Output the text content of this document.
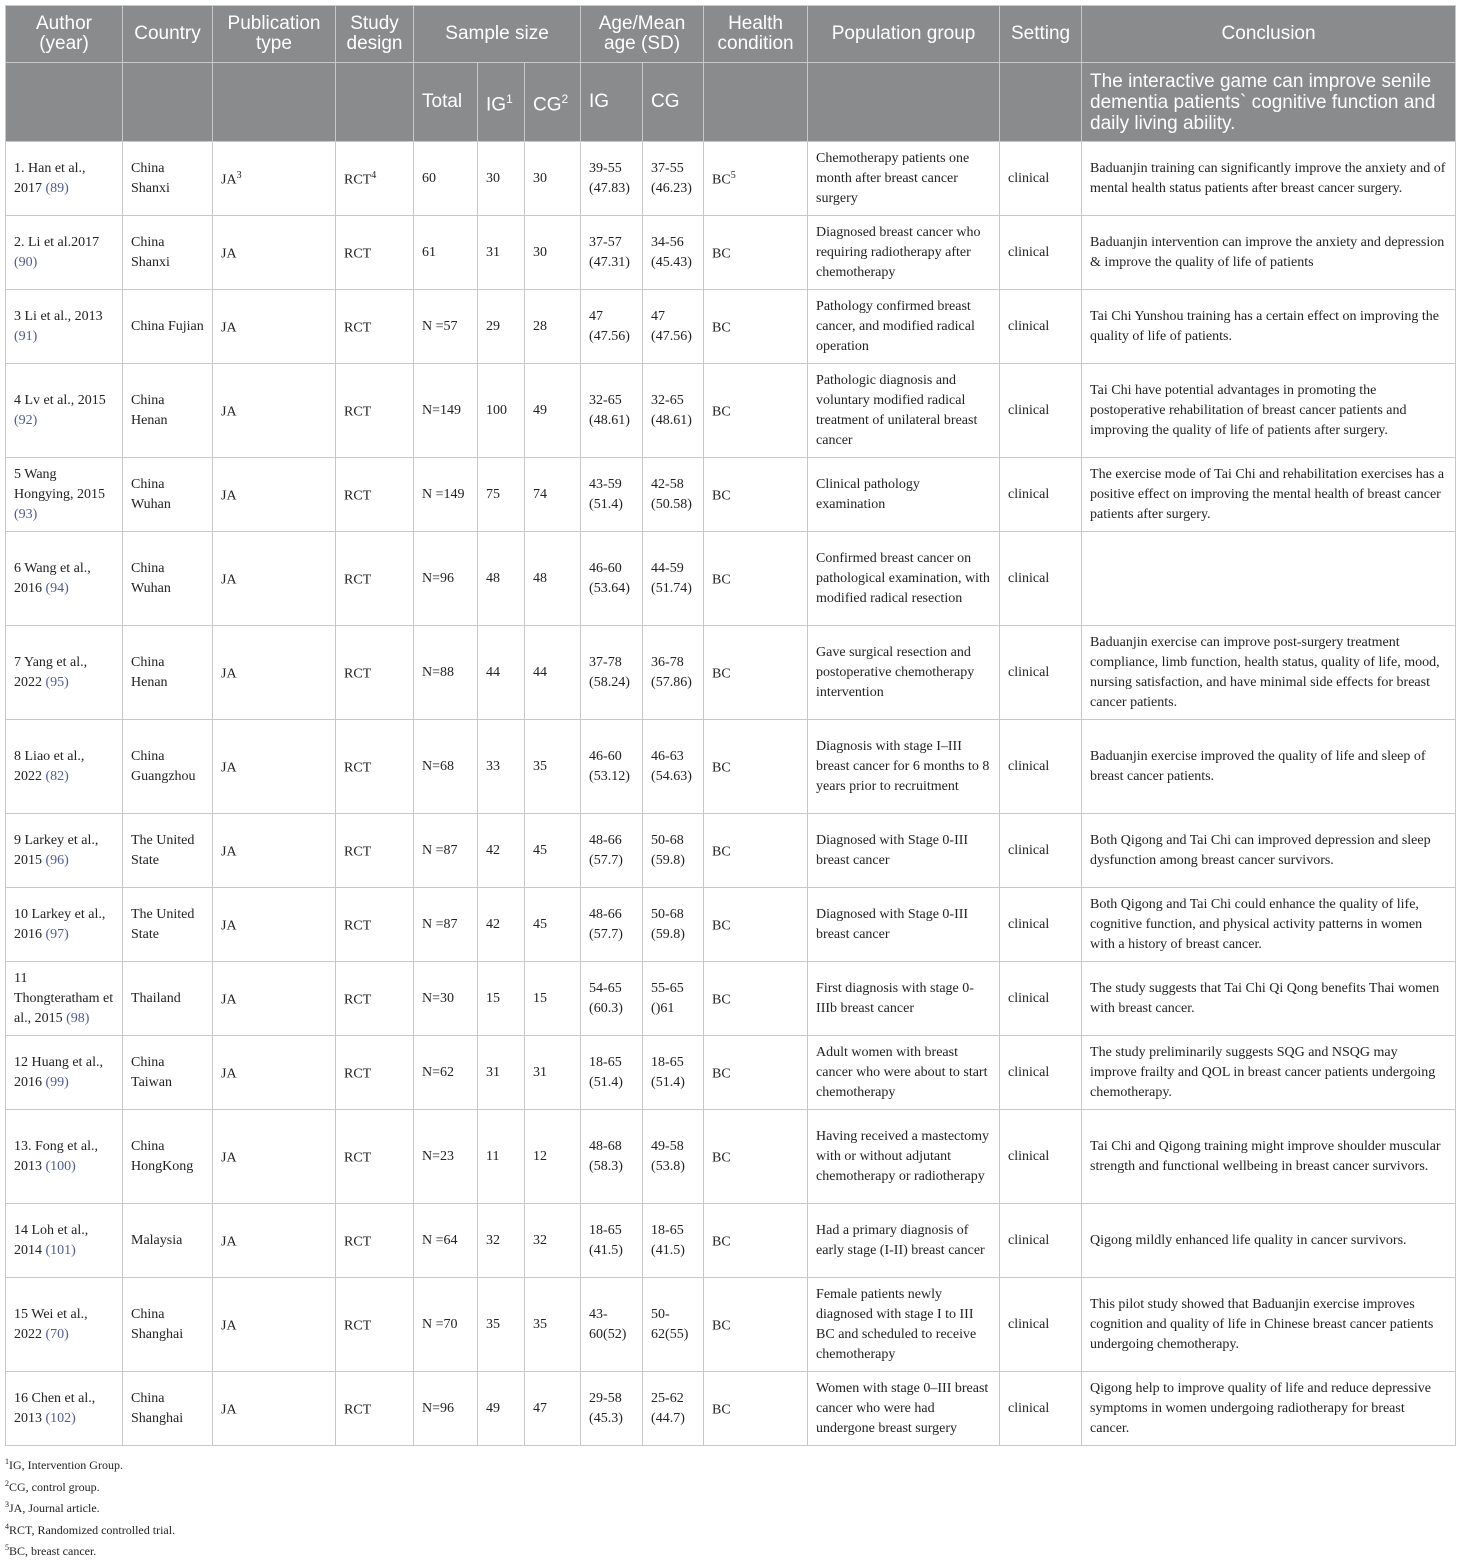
Author (year)	Country	Publication type	Study design	Sample size			Age/Mean age (SD)		Health condition	Population group	Setting	Conclusion
				Total	$IG^1$	$CG^2$	IG	CG				The interactive game can improve senile dementia patients` cognitive function and daily living ability.
1. Han et al., 2017 (89)	China Shanxi	$JA^3$	RCT$^4$	60	30	30	39-55 (47.83)	37-55 (46.23)	$BC^5$	Chemotherapy patients one month after breast cancer surgery	clinical	Baduanjin training can significantly improve the anxiety and of mental health status patients after breast cancer surgery.
2. Li et al.2017 (90)	China Shanxi	JA	RCT	61	31	30	37-57 (47.31)	34-56 (45.43)	BC	Diagnosed breast cancer who requiring radiotherapy after chemotherapy	clinical	Baduanjin intervention can improve the anxiety and depression & improve the quality of life of patients
3 Li et al., 2013 (91)	China Fujian	JA	RCT	N =57	29	28	47 (47.56)	47 (47.56)	BC	Pathology confirmed breast cancer, and modified radical operation	clinical	Tai Chi Yunshou training has a certain effect on improving the quality of life of patients.
4 Lv et al., 2015 (92)	China Henan	JA	RCT	N=149	100	49	32-65 (48.61)	32-65 (48.61)	BC	Pathologic diagnosis and voluntary modified radical treatment of unilateral breast cancer	clinical	Tai Chi have potential advantages in promoting the postoperative rehabilitation of breast cancer patients and improving the quality of life of patients after surgery.
5 Wang Hongying, 2015 (93)	China Wuhan	JA	RCT	N =149	75	74	43-59 (51.4)	42-58 (50.58)	BC	Clinical pathology examination	clinical	The exercise mode of Tai Chi and rehabilitation exercises has a positive effect on improving the mental health of breast cancer patients after surgery.
6 Wang et al., 2016 (94)	China Wuhan	JA	RCT	N=96	48	48	46-60 (53.64)	44-59 (51.74)	BC	Confirmed breast cancer on pathological examination, with modified radical resection	clinical	
7 Yang et al., 2022 (95)	China Henan	JA	RCT	N=88	44	44	37-78 (58.24)	36-78 (57.86)	BC	Gave surgical resection and postoperative chemotherapy intervention	clinical	Baduanjin exercise can improve post-surgery treatment compliance, limb function, health status, quality of life, mood, nursing satisfaction, and have minimal side effects for breast cancer patients.
8 Liao et al., 2022 (82)	China Guangzhou	JA	RCT	N=68	33	35	46-60 (53.12)	46-63 (54.63)	BC	Diagnosis with stage I–III breast cancer for 6 months to 8 years prior to recruitment	clinical	Baduanjin exercise improved the quality of life and sleep of breast cancer patients.
9 Larkey et al., 2015 (96)	The United State	JA	RCT	N =87	42	45	48-66 (57.7)	50-68 (59.8)	BC	Diagnosed with Stage 0-III breast cancer	clinical	Both Qigong and Tai Chi can improved depression and sleep dysfunction among breast cancer survivors.
10 Larkey et al., 2016 (97)	The United State	JA	RCT	N =87	42	45	48-66 (57.7)	50-68 (59.8)	BC	Diagnosed with Stage 0-III breast cancer	clinical	Both Qigong and Tai Chi could enhance the quality of life, cognitive function, and physical activity patterns in women with a history of breast cancer.
11 Thongteratham et al., 2015 (98)	Thailand	JA	RCT	N=30	15	15	54-65 (60.3)	55-65 ()61	BC	First diagnosis with stage 0-IIIb breast cancer	clinical	The study suggests that Tai Chi Qi Qong benefits Thai women with breast cancer.
12 Huang et al., 2016 (99)	China Taiwan	JA	RCT	N=62	31	31	18-65 (51.4)	18-65 (51.4)	BC	Adult women with breast cancer who were about to start chemotherapy	clinical	The study preliminarily suggests SQG and NSQG may improve frailty and QOL in breast cancer patients undergoing chemotherapy.
13. Fong et al., 2013 (100)	China HongKong	JA	RCT	N=23	11	12	48-68 (58.3)	49-58 (53.8)	BC	Having received a mastectomy with or without adjutant chemotherapy or radiotherapy	clinical	Tai Chi and Qigong training might improve shoulder muscular strength and functional wellbeing in breast cancer survivors.
14 Loh et al., 2014 (101)	Malaysia	JA	RCT	N =64	32	32	18-65 (41.5)	18-65 (41.5)	BC	Had a primary diagnosis of early stage (I-II) breast cancer	clinical	Qigong mildly enhanced life quality in cancer survivors.
15 Wei et al., 2022 (70)	China Shanghai	JA	RCT	N =70	35	35	43-60(52)	50-62(55)	BC	Female patients newly diagnosed with stage I to III BC and scheduled to receive chemotherapy	clinical	This pilot study showed that Baduanjin exercise improves cognition and quality of life in Chinese breast cancer patients undergoing chemotherapy.
16 Chen et al., 2013 (102)	China Shanghai	JA	RCT	N=96	49	47	29-58 (45.3)	25-62 (44.7)	BC	Women with stage 0–III breast cancer who were had undergone breast surgery	clinical	Qigong help to improve quality of life and reduce depressive symptoms in women undergoing radiotherapy for breast cancer.
$^1$IG, Intervention Group.
$^2$CG, control group.
$^3$JA, Journal article.
$^4$RCT, Randomized controlled trial.
$^5$BC, breast cancer.
